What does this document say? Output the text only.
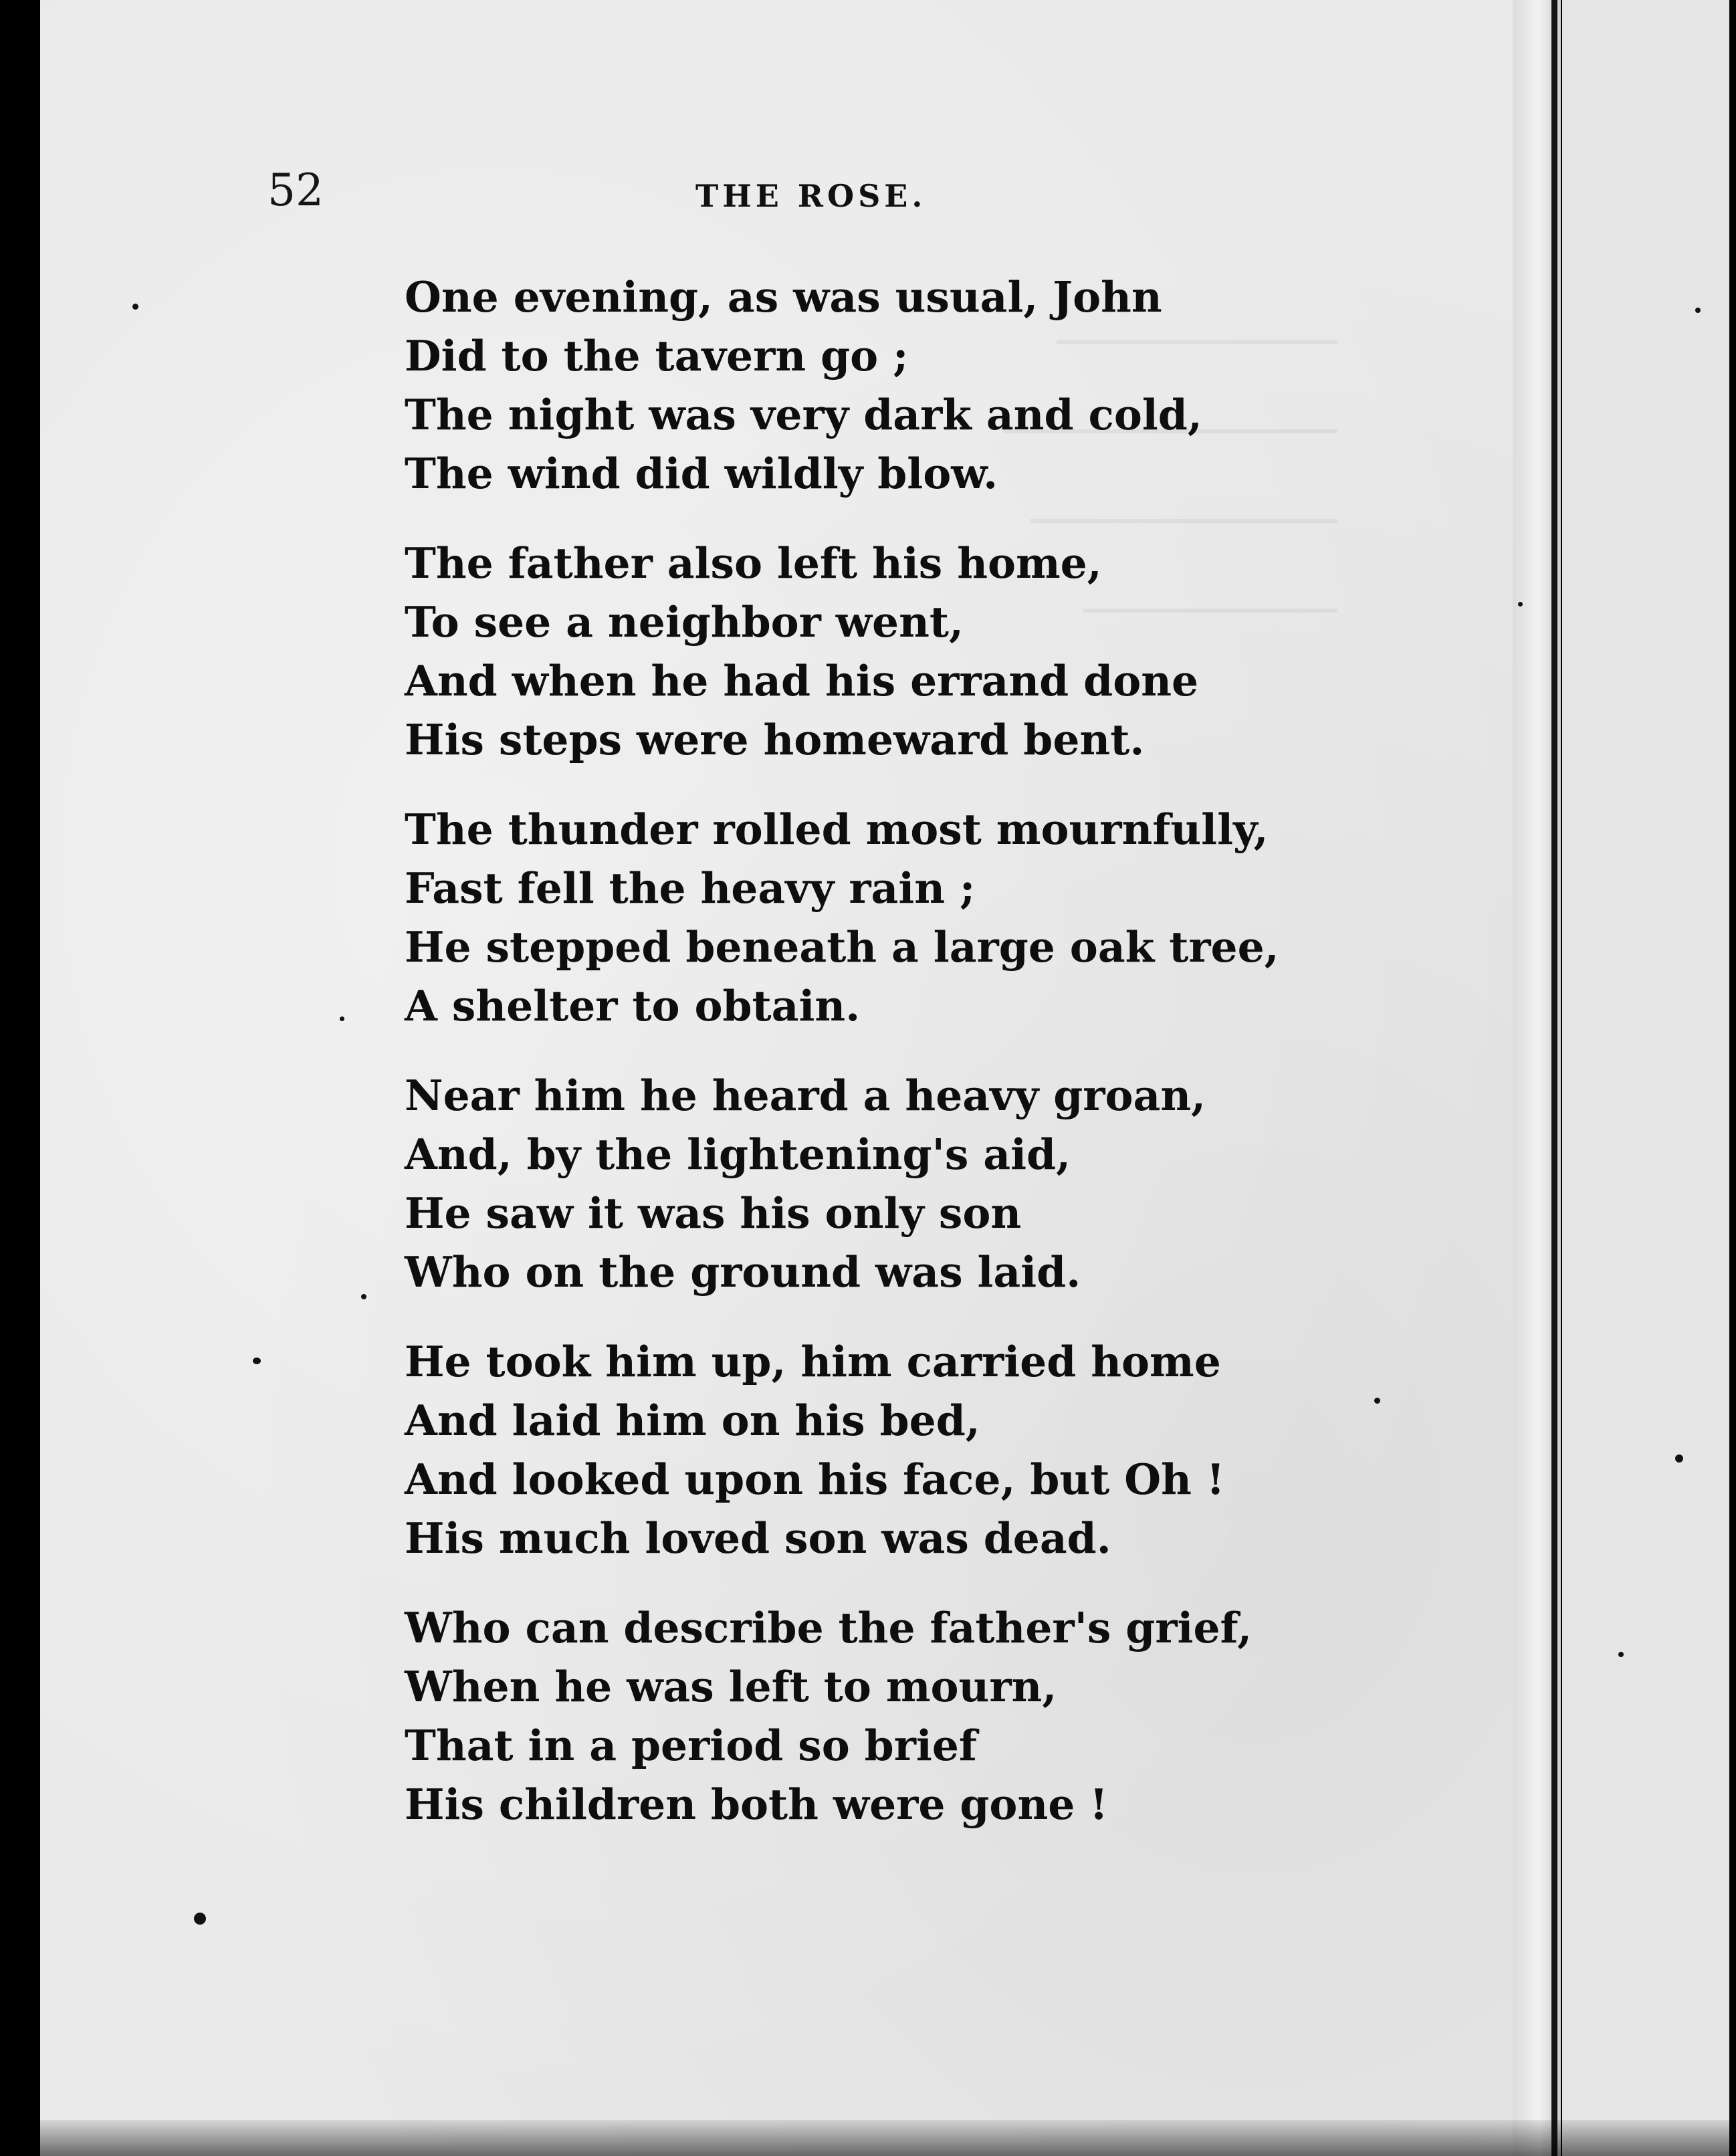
52	THE ROSE.
One evening, as was usual, John
Did to the tavern go ;
The night was very dark and cold,
The wind did wildly blow.
The father also left his home,
To see a neighbor went,
And when he had his errand done
His steps were homeward bent.
The thunder rolled most mournfully,
Fast fell the heavy rain ;
He stepped beneath a large oak tree,
A shelter to obtain.
Near him he heard a heavy groan,
And, by the lightening's aid,
He saw it was his only son
Who on the ground was laid.
He took him up, him carried home
And laid him on his bed,
And looked upon his face, but Oh !
His much loved son was dead.
Who can describe the father's grief,
When he was left to mourn,
That in a period so brief
His children both were gone !
